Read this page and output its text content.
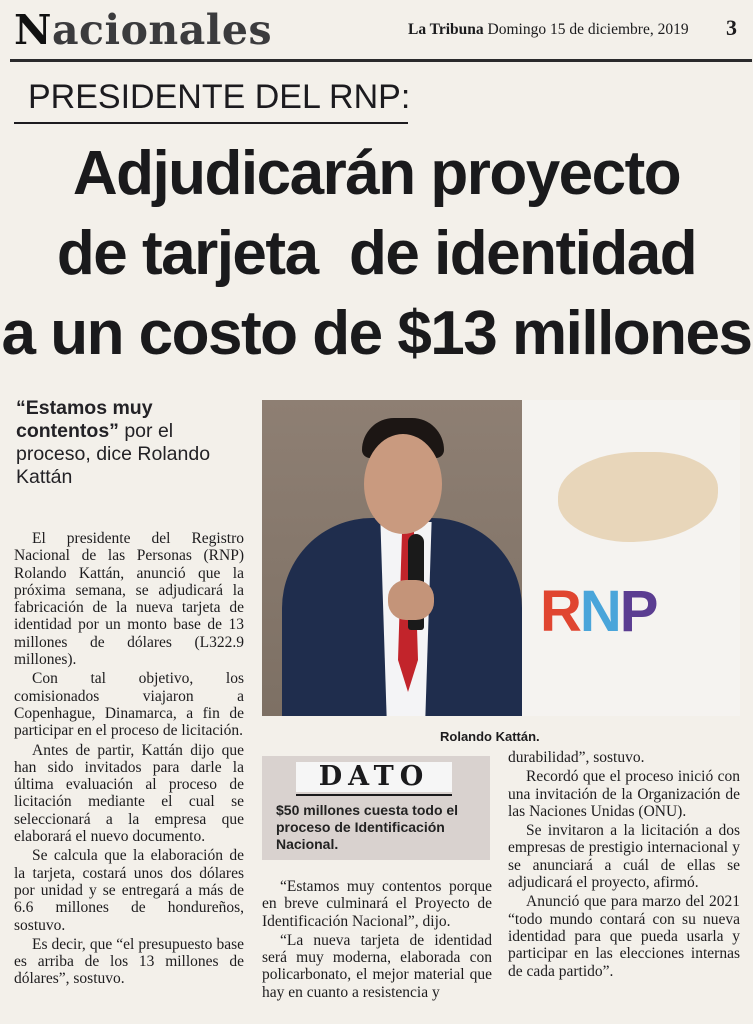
Nacionales	La Tribuna Domingo 15 de diciembre, 2019 3
PRESIDENTE DEL RNP:
Adjudicarán proyecto
de tarjeta  de identidad
a un costo de $13 millones
“Estamos muy contentos” por el proceso, dice Rolando Kattán
RNP
Rolando Kattán.

El presidente del Registro Nacional de las Personas (RNP) Rolando Kattán, anunció que la próxima semana, se adjudicará la fabricación de la nueva tarjeta de identidad por un monto base de 13 millones de dólares (L322.9 millones).

Con tal objetivo, los comisionados viajaron a Copenhague, Dinamarca, a fin de participar en el proceso de licitación.

Antes de partir, Kattán dijo que han sido invitados para darle la última evaluación al proceso de licitación mediante el cual se seleccionará a la empresa que elaborará el nuevo documento.

Se calcula que la elaboración de la tarjeta, costará unos dos dólares por unidad y se entregará a más de 6.6 millones de hondureños, sostuvo.

Es decir, que “el presupuesto base es arriba de los 13 millones de dólares”, sostuvo.

DATO
$50 millones cuesta todo el proceso de Identificación Nacional.

“Estamos muy contentos porque en breve culminará el Proyecto de Identificación Nacional”, dijo.

“La nueva tarjeta de identidad será muy moderna, elaborada con policarbonato, el mejor material que hay en cuanto a resistencia y

durabilidad”, sostuvo.

Recordó que el proceso inició con una invitación de la Organización de las Naciones Unidas (ONU).

Se invitaron a la licitación a dos empresas de prestigio internacional y se anunciará a cuál de ellas se adjudicará el proyecto, afirmó.

Anunció que para marzo del 2021 “todo mundo contará con su nueva identidad para que pueda usarla y participar en las elecciones internas de cada partido”.
